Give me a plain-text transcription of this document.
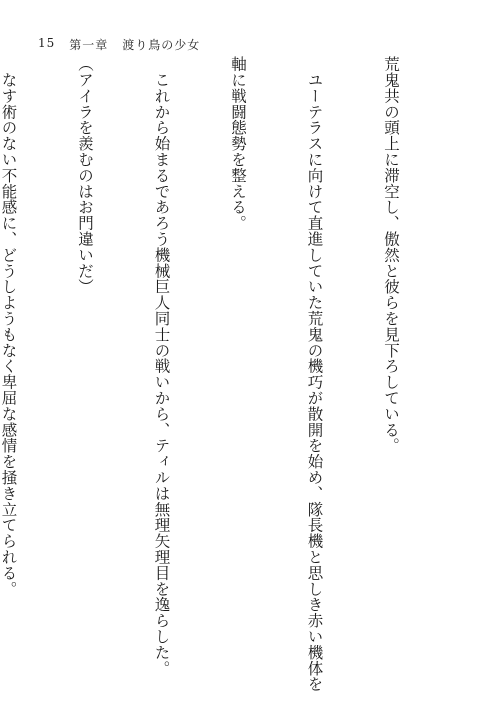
15 第一章 渡り鳥の少女

荒鬼共の頭上に滞空し、傲然と彼らを見下ろしている。

　ユーテラスに向けて直進していた荒鬼の機巧が散開を始め、隊長機と思しき赤い機体を

軸に戦闘態勢を整える。

　これから始まるであろう機械巨人同士の戦いから、ティルは無理矢理目を逸らした。

（アイラを羨むのはお門違いだ）

　なす術のない不能感に、どうしようもなく卑屈な感情を掻き立てられる。
